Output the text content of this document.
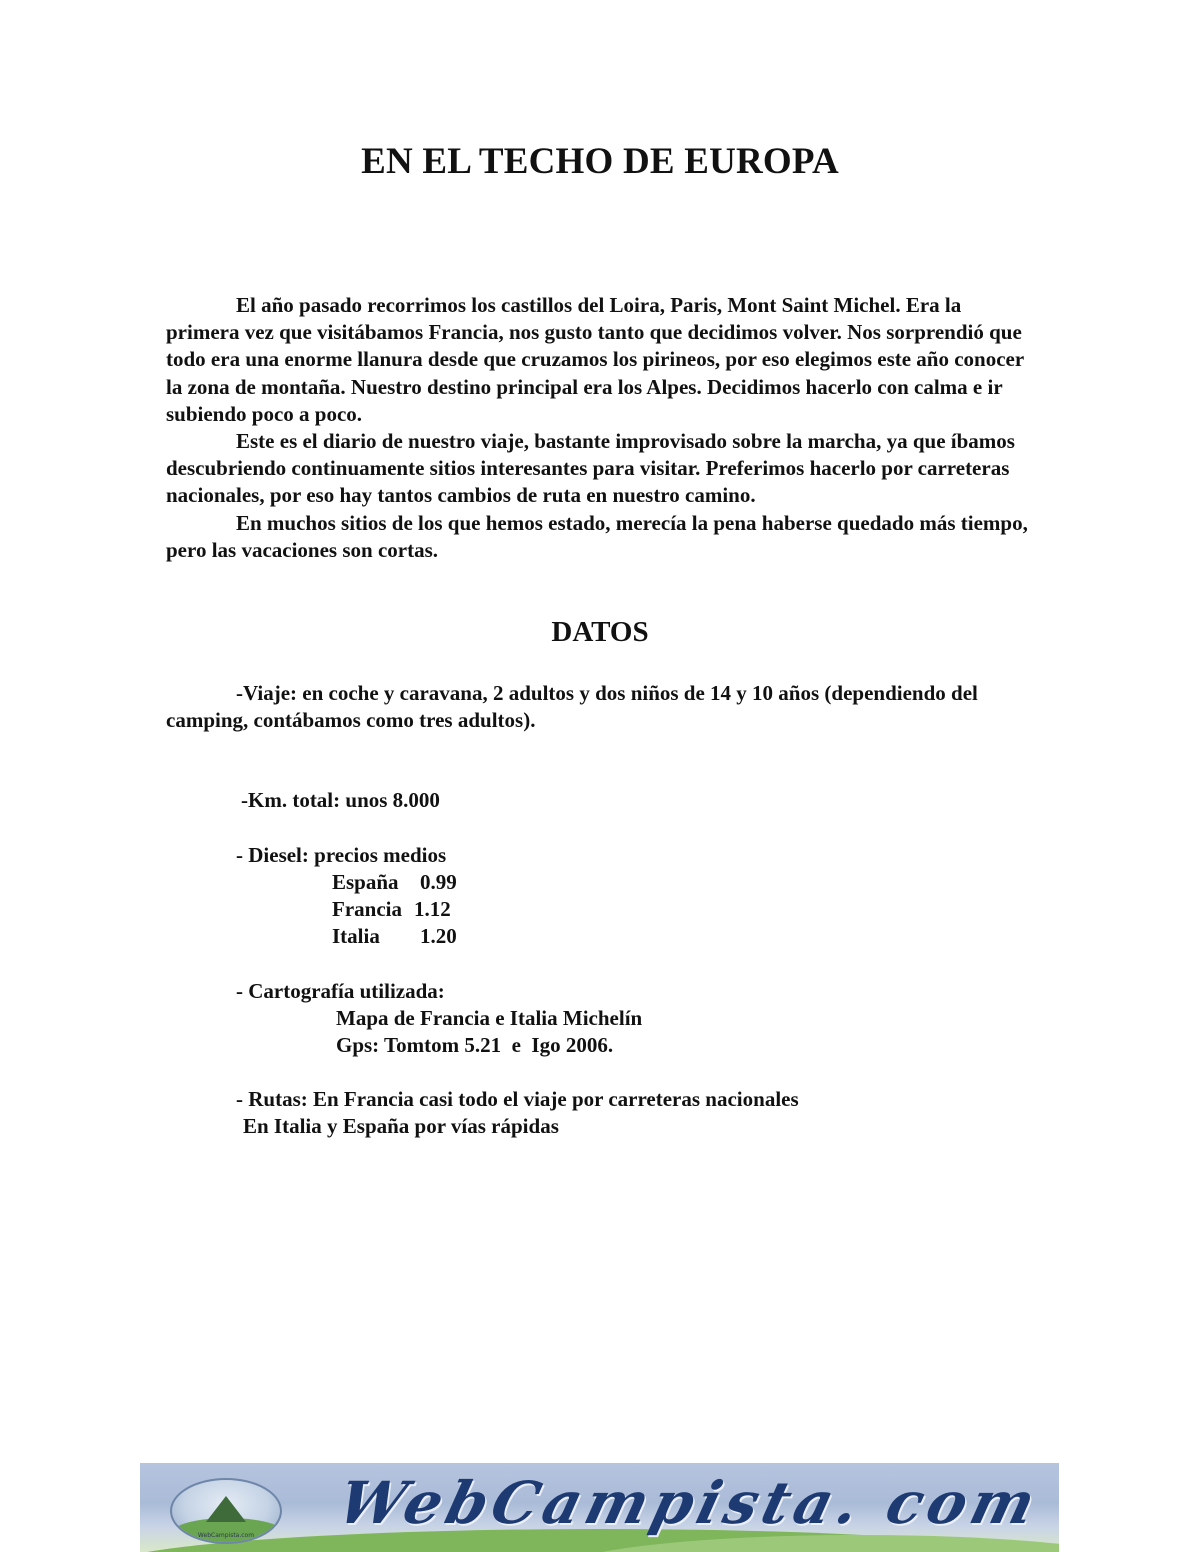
EN EL TECHO DE EUROPA

El año pasado recorrimos los castillos del Loira, Paris, Mont Saint Michel. Era la primera vez que visitábamos Francia, nos gusto tanto que decidimos volver. Nos sorprendió que todo era una enorme llanura desde que cruzamos los pirineos, por eso elegimos este año conocer la zona de montaña. Nuestro destino principal era los Alpes. Decidimos hacerlo con calma e ir subiendo poco a poco.

Este es el diario de nuestro viaje, bastante improvisado sobre la marcha, ya que íbamos descubriendo continuamente sitios interesantes para visitar. Preferimos hacerlo por carreteras nacionales, por eso hay tantos cambios de ruta en nuestro camino.

En muchos sitios de los que hemos estado, merecía la pena haberse quedado más tiempo, pero las vacaciones son cortas.

DATOS
-Viaje: en coche y caravana, 2 adultos y dos niños de 14 y 10 años (dependiendo del camping, contábamos como tres adultos).
-Km. total: unos 8.000
- Diesel: precios medios
España 0.99
Francia 1.12
Italia 1.20
- Cartografía utilizada:
Mapa de Francia e Italia Michelín
Gps: Tomtom 5.21  e  Igo 2006.
- Rutas: En Francia casi todo el viaje por carreteras nacionales
En Italia y España por vías rápidas
WebCampista.com	WebCampista. com
